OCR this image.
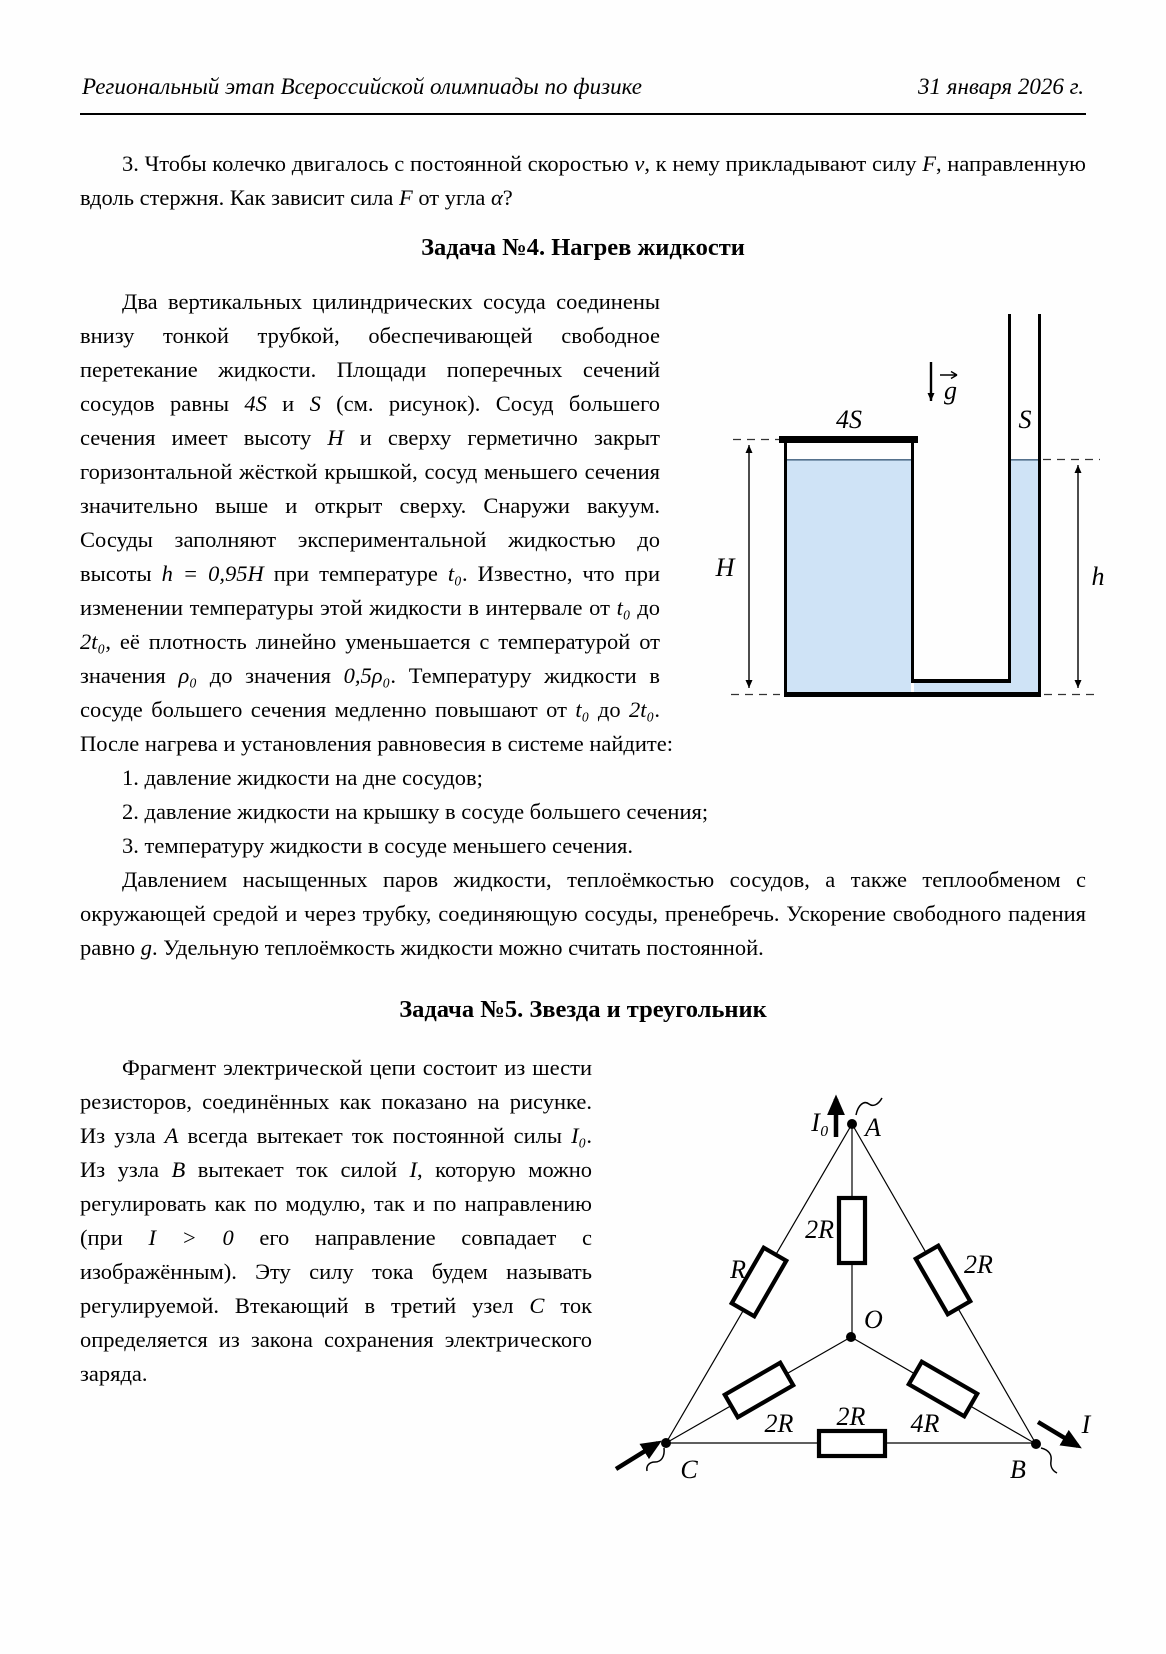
Региональный этап Всероссийской олимпиады по физике	31 января 2026 г.

3. Чтобы колечко двигалось с постоянной скоростью v, к нему прикладывают силу F, направленную вдоль стержня. Как зависит сила F от угла α?

Задача №4. Нагрев жидкости
g
4S	S
H	h

Два вертикальных цилиндрических сосуда соединены внизу тонкой трубкой, обеспечивающей свободное перетекание жидкости. Площади поперечных сечений сосудов равны 4S и S (см. рисунок). Сосуд большего сечения имеет высоту H и сверху герметично закрыт горизонтальной жёсткой крышкой, сосуд меньшего сечения значительно выше и открыт сверху. Снаружи вакуум. Сосуды заполняют экспериментальной жидкостью до высоты h = 0,95H при температуре t₀. Известно, что при изменении температуры этой жидкости в интервале от t₀ до 2t₀, её плотность линейно уменьшается с температурой от значения ρ₀ до значения 0,5ρ₀. Температуру жидкости в сосуде большего сечения медленно повышают от t₀ до 2t₀. После нагрева и установления равновесия в системе найдите:

1. давление жидкости на дне сосудов;

2. давление жидкости на крышку в сосуде большего сечения;

3. температуру жидкости в сосуде меньшего сечения.

Давлением насыщенных паров жидкости, теплоёмкостью сосудов, а также теплообменом с окружающей средой и через трубку, соединяющую сосуды, пренебречь. Ускорение свободного падения равно g. Удельную теплоёмкость жидкости можно считать постоянной.

Задача №5. Звезда и треугольник
I₀ A
O
C	B
I
R
2R
2R
2R	4R
2R

Фрагмент электрической цепи состоит из шести резисторов, соединённых как показано на рисунке. Из узла A всегда вытекает ток постоянной силы I₀. Из узла B вытекает ток силой I, которую можно регулировать как по модулю, так и по направлению (при I > 0 его направление совпадает с изображённым). Эту силу тока будем называть регулируемой. Втекающий в третий узел C ток определяется из закона сохранения электрического заряда.
